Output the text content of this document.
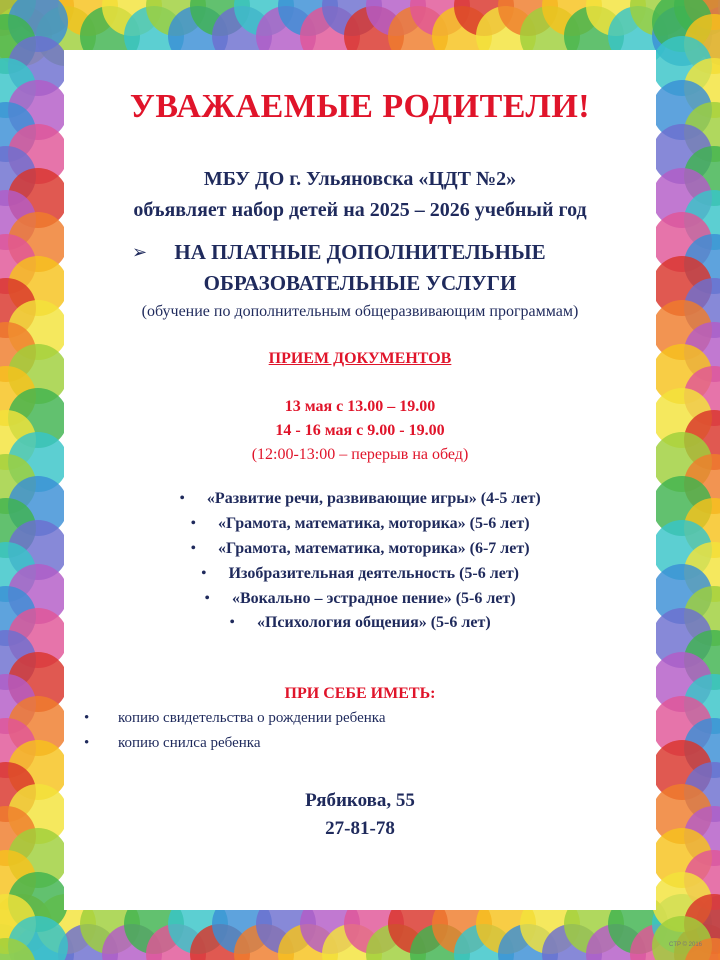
УВАЖАЕМЫЕ РОДИТЕЛИ!
МБУ ДО г. Ульяновска «ЦДТ №2»
объявляет набор детей на 2025 – 2026 учебный год
➢	НА ПЛАТНЫЕ ДОПОЛНИТЕЛЬНЫЕ
ОБРАЗОВАТЕЛЬНЫЕ УСЛУГИ
(обучение по дополнительным общеразвивающим программам)
ПРИЕМ ДОКУМЕНТОВ
13 мая с 13.00 – 19.00
14 - 16 мая с 9.00 - 19.00
(12:00-13:00 – перерыв на обед)
• «Развитие речи, развивающие игры» (4-5 лет)
• «Грамота, математика, моторика» (5-6 лет)
• «Грамота, математика, моторика» (6-7 лет)
• Изобразительная деятельность (5-6 лет)
• «Вокально – эстрадное пение» (5-6 лет)
• «Психология общения» (5-6 лет)
ПРИ СЕБЕ ИМЕТЬ:
• копию свидетельства о рождении ребенка
• копию снилса ребенка
Рябикова, 55
27-81-78
CTP © 2016
